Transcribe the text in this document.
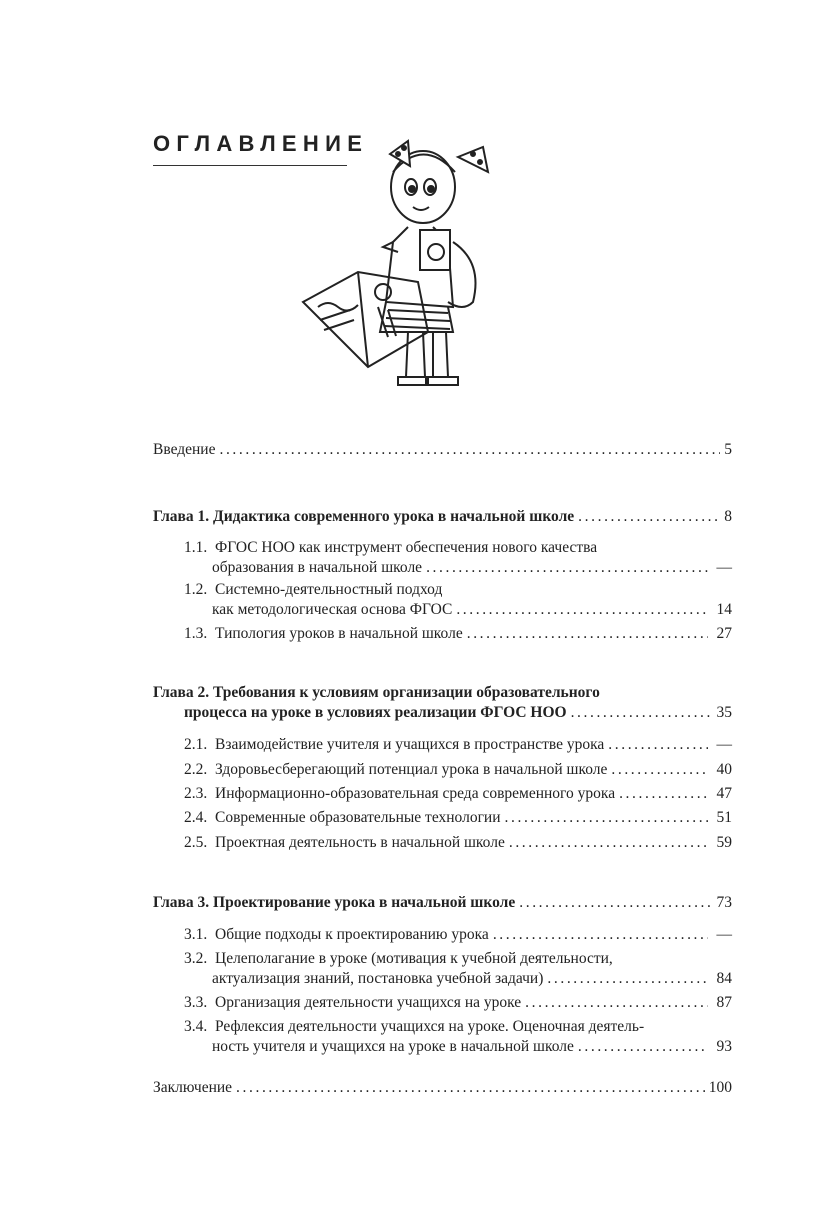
ОГЛАВЛЕНИЕ
Введение .....	5
Глава 1. Дидактика современного урока в начальной школе .....	8
1.1. ФГОС НОО как инструмент обеспечения нового качества
образования в начальной школе .....	—
1.2. Системно-деятельностный подход
как методологическая основа ФГОС .....	14
1.3. Типология уроков в начальной школе .....	27
Глава 2. Требования к условиям организации образовательного
процесса на уроке в условиях реализации ФГОС НОО .....	35
2.1. Взаимодействие учителя и учащихся в пространстве урока .....	—
2.2. Здоровьесберегающий потенциал урока в начальной школе .....	40
2.3. Информационно-образовательная среда современного урока .....	47
2.4. Современные образовательные технологии .....	51
2.5. Проектная деятельность в начальной школе .....	59
Глава 3. Проектирование урока в начальной школе .....	73
3.1. Общие подходы к проектированию урока .....	—
3.2. Целеполагание в уроке (мотивация к учебной деятельности,
актуализация знаний, постановка учебной задачи) .....	84
3.3. Организация деятельности учащихся на уроке .....	87
3.4. Рефлексия деятельности учащихся на уроке. Оценочная деятель-
ность учителя и учащихся на уроке в начальной школе .....	93
Заключение .....	100
